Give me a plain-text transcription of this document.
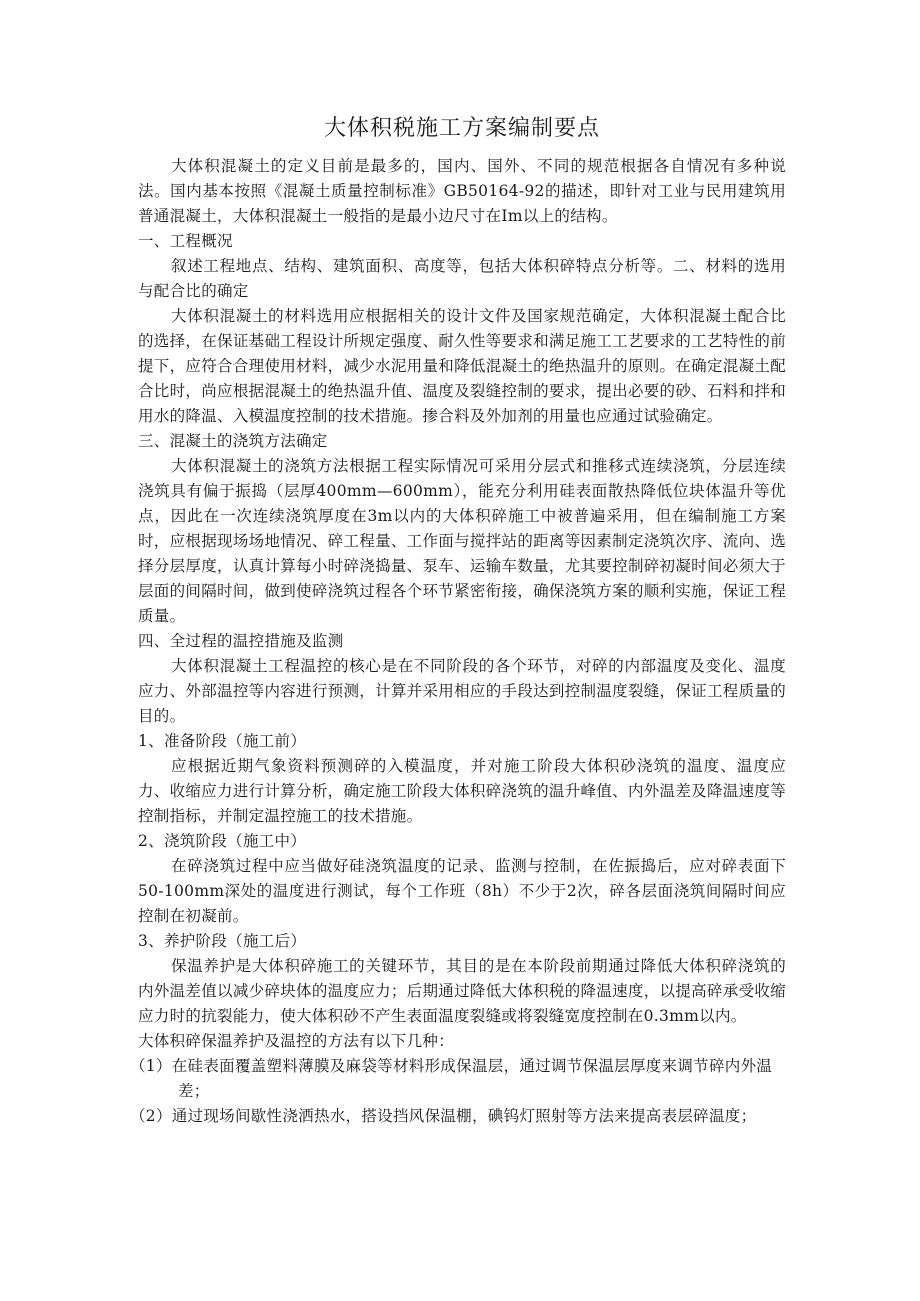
大体积税施工方案编制要点

大体积混凝土的定义目前是最多的，国内、国外、不同的规范根据各自情况有多种说法。国内基本按照《混凝土质量控制标准》GB50164-92的描述，即针对工业与民用建筑用普通混凝土，大体积混凝土一般指的是最小边尺寸在Im以上的结构。

一、工程概况

叙述工程地点、结构、建筑面积、高度等，包括大体积碎特点分析等。二、材料的选用与配合比的确定

大体积混凝土的材料选用应根据相关的设计文件及国家规范确定，大体积混凝土配合比的选择，在保证基础工程设计所规定强度、耐久性等要求和满足施工工艺要求的工艺特性的前提下，应符合合理使用材料，减少水泥用量和降低混凝土的绝热温升的原则。在确定混凝土配合比时，尚应根据混凝土的绝热温升值、温度及裂缝控制的要求，提出必要的砂、石料和拌和用水的降温、入模温度控制的技术措施。掺合料及外加剂的用量也应通过试验确定。

三、混凝土的浇筑方法确定

大体积混凝土的浇筑方法根据工程实际情况可采用分层式和推移式连续浇筑，分层连续浇筑具有偏于振捣（层厚400mm—600mm），能充分利用硅表面散热降低位块体温升等优点，因此在一次连续浇筑厚度在3m以内的大体积碎施工中被普遍采用，但在编制施工方案时，应根据现场场地情况、碎工程量、工作面与搅拌站的距离等因素制定浇筑次序、流向、选择分层厚度，认真计算每小时碎浇捣量、泵车、运输车数量，尤其要控制碎初凝时间必须大于层面的间隔时间，做到使碎浇筑过程各个环节紧密衔接，确保浇筑方案的顺利实施，保证工程质量。

四、全过程的温控措施及监测

大体积混凝土工程温控的核心是在不同阶段的各个环节，对碎的内部温度及变化、温度应力、外部温控等内容进行预测，计算并采用相应的手段达到控制温度裂缝，保证工程质量的目的。

1、准备阶段（施工前）

应根据近期气象资料预测碎的入模温度，并对施工阶段大体积砂浇筑的温度、温度应力、收缩应力进行计算分析，确定施工阶段大体积碎浇筑的温升峰值、内外温差及降温速度等控制指标，并制定温控施工的技术措施。

2、浇筑阶段（施工中）

在碎浇筑过程中应当做好硅浇筑温度的记录、监测与控制，在佐振捣后，应对碎表面下50-100mm深处的温度进行测试，每个工作班（8h）不少于2次，碎各层面浇筑间隔时间应控制在初凝前。

3、养护阶段（施工后）

保温养护是大体积碎施工的关键环节，其目的是在本阶段前期通过降低大体积碎浇筑的内外温差值以减少碎块体的温度应力；后期通过降低大体积税的降温速度，以提高碎承受收缩应力时的抗裂能力，使大体积砂不产生表面温度裂缝或将裂缝宽度控制在0.3mm以内。

大体积碎保温养护及温控的方法有以下几种：

（1）在硅表面覆盖塑料薄膜及麻袋等材料形成保温层，通过调节保温层厚度来调节碎内外温差；

（2）通过现场间歇性浇洒热水，搭设挡风保温棚，碘钨灯照射等方法来提高表层碎温度；
